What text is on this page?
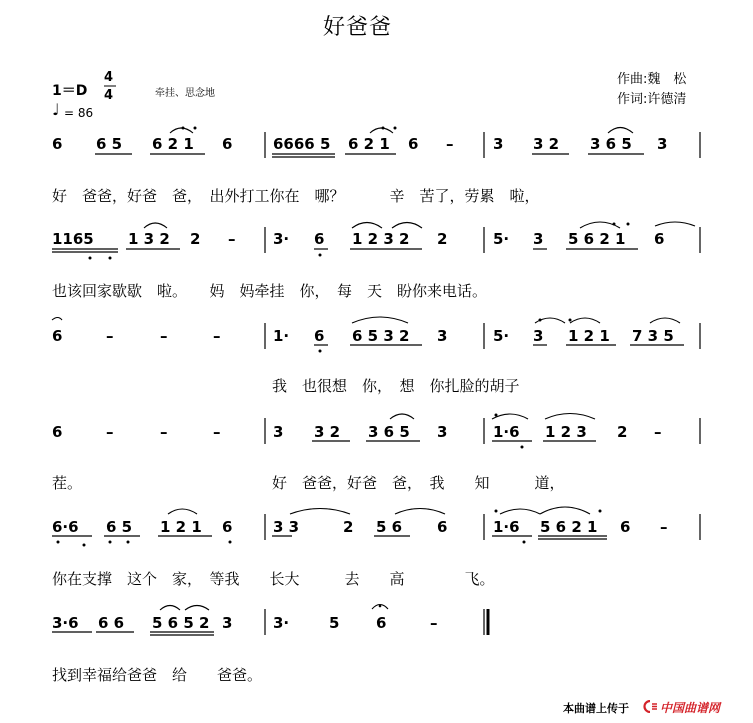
好爸爸
1＝D
4
4	牵挂、思念地
♩ = 86
作曲:魏　松
作词:许德清
6 6 5 6 2 1 6	6666 5 6 2 1 6 –	3 3 2 3 6 5 3
好　爸爸，好爸　爸，　出外打工你在　哪？　　　辛　苦了，劳累　啦，
1165 1 3 2 2 –	3· 6 1 2 3 2 2	5· 3 5 6 2 1 6
也该回家歇歇　啦。　　妈　妈牵挂　你，　每　天　盼你来电话。
6	–	–	–	1· 6 6 5 3 2 3	5· 3 1 2 1 7 3 5
我　也很想　你，　想　你扎脸的胡子
6	–	–	–	3 3 2 3 6 5 3	1·6 1 2 3 2 –
茬。	好　爸爸，好爸　爸，　我　　知　　　道，
6·6 6 5 1 2 1 6	3 3	2 5 6 6	1·6 5 6 2 1 6 –
你在支撑　这个　家，　等我　　长大　　　去　　高　　　　飞。
3·6 6 6 5 6 5 2 3	3·	5 6	–
找到幸福给爸爸　给　　爸爸。
本曲谱上传于	中国曲谱网
